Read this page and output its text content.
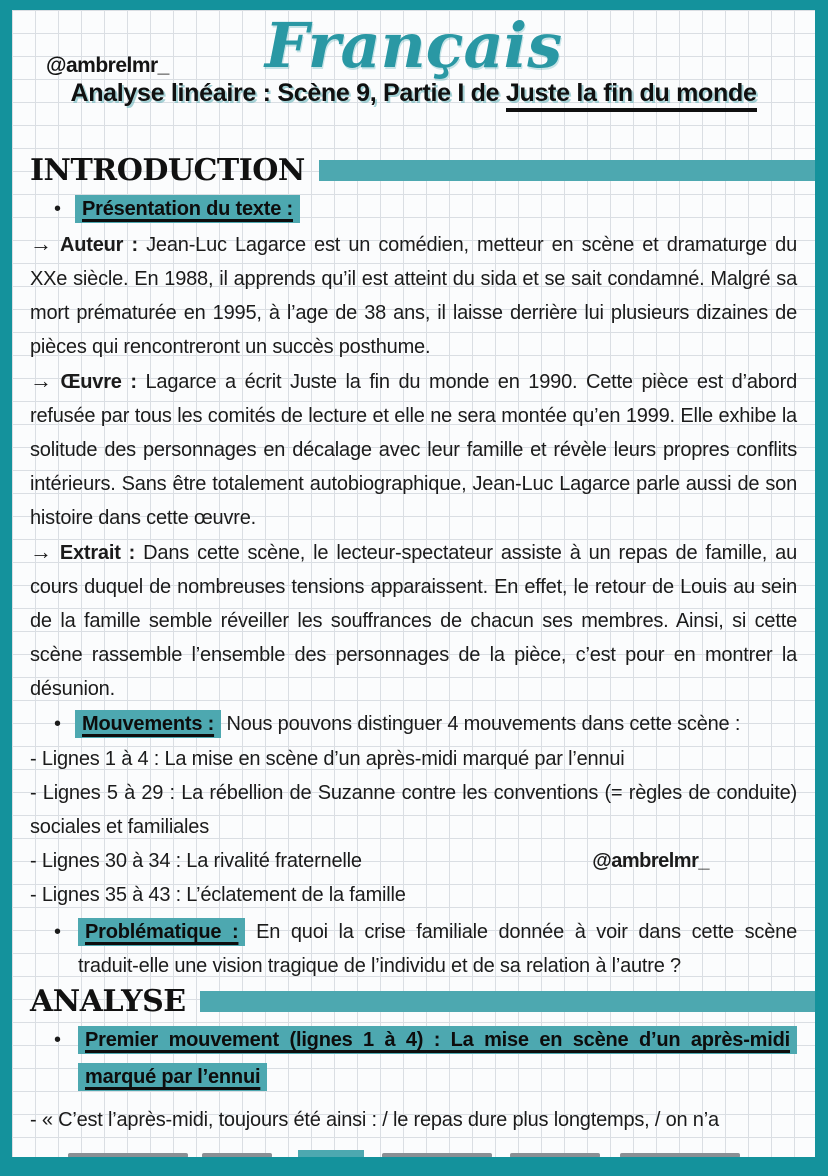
@ambrelmr_	Français
Analyse linéaire : Scène 9, Partie I de Juste la fin du monde
INTRODUCTION
• Présentation du texte :

→ Auteur : Jean-Luc Lagarce est un comédien, metteur en scène et dramaturge du XXe siècle. En 1988, il apprends qu’il est atteint du sida et se sait condamné. Malgré sa mort prématurée en 1995, à l’age de 38 ans, il laisse derrière lui plusieurs dizaines de pièces qui rencontreront un succès posthume.

→ Œuvre : Lagarce a écrit Juste la fin du monde en 1990. Cette pièce est d’abord refusée par tous les comités de lecture et elle ne sera montée qu’en 1999. Elle exhibe la solitude des personnages en décalage avec leur famille et révèle leurs propres conflits intérieurs. Sans être totalement autobiographique, Jean-Luc Lagarce parle aussi de son histoire dans cette œuvre.

→ Extrait : Dans cette scène, le lecteur-spectateur assiste à un repas de famille, au cours duquel de nombreuses tensions apparaissent. En effet, le retour de Louis au sein de la famille semble réveiller les souffrances de chacun ses membres. Ainsi, si cette scène rassemble l’ensemble des personnages de la pièce, c’est pour en montrer la désunion.

• Mouvements : Nous pouvons distinguer 4 mouvements dans cette scène :
- Lignes 1 à 4 : La mise en scène d’un après-midi marqué par l’ennui
- Lignes 5 à 29 : La rébellion de Suzanne contre les conventions (= règles de conduite) sociales et familiales
- Lignes 30 à 34 : La rivalité fraternelle	@ambrelmr_
- Lignes 35 à 43 : L’éclatement de la famille
• Problématique : En quoi la crise familiale donnée à voir dans cette scène traduit-elle une vision tragique de l’individu et de sa relation à l’autre ?
ANALYSE
• Premier mouvement (lignes 1 à 4) : La mise en scène d’un après-midi marqué par l’ennui
- « C’est l’après-midi, toujours été ainsi : / le repas dure plus longtemps, / on n’a
